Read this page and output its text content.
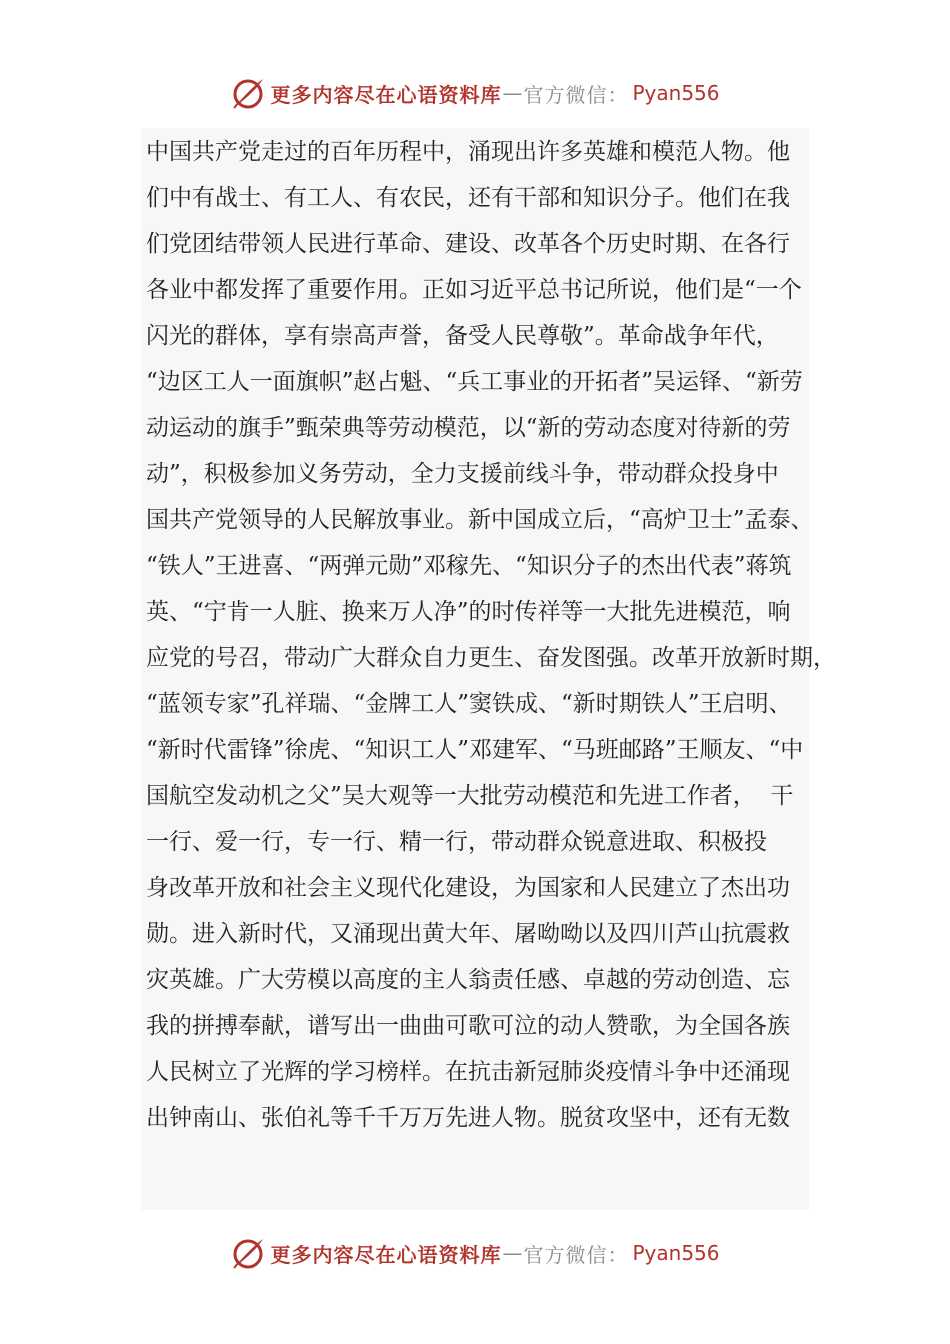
更多内容尽在心语资料库 — 官方微信： Pyan556
中国共产党走过的百年历程中，涌现出许多英雄和模范人物。他
们中有战士、有工人、有农民，还有干部和知识分子。他们在我
们党团结带领人民进行革命、建设、改革各个历史时期、在各行
各业中都发挥了重要作用。正如习近平总书记所说，他们是“一个
闪光的群体，享有崇高声誉，备受人民尊敬”。革命战争年代，
“边区工人一面旗帜”赵占魁、“兵工事业的开拓者”吴运铎、“新劳
动运动的旗手”甄荣典等劳动模范，以“新的劳动态度对待新的劳
动”，积极参加义务劳动，全力支援前线斗争，带动群众投身中
国共产党领导的人民解放事业。新中国成立后，“高炉卫士”孟泰、
“铁人”王进喜、“两弹元勋”邓稼先、“知识分子的杰出代表”蒋筑
英、“宁肯一人脏、换来万人净”的时传祥等一大批先进模范，响
应党的号召，带动广大群众自力更生、奋发图强。改革开放新时期，
“蓝领专家”孔祥瑞、“金牌工人”窦铁成、“新时期铁人”王启明、
“新时代雷锋”徐虎、“知识工人”邓建军、“马班邮路”王顺友、“中
国航空发动机之父”吴大观等一大批劳动模范和先进工作者，  干
一行、爱一行，专一行、精一行，带动群众锐意进取、积极投
身改革开放和社会主义现代化建设，为国家和人民建立了杰出功
勋。进入新时代，又涌现出黄大年、屠呦呦以及四川芦山抗震救
灾英雄。广大劳模以高度的主人翁责任感、卓越的劳动创造、忘
我的拼搏奉献，谱写出一曲曲可歌可泣的动人赞歌，为全国各族
人民树立了光辉的学习榜样。在抗击新冠肺炎疫情斗争中还涌现
出钟南山、张伯礼等千千万万先进人物。脱贫攻坚中，还有无数
更多内容尽在心语资料库 — 官方微信： Pyan556
